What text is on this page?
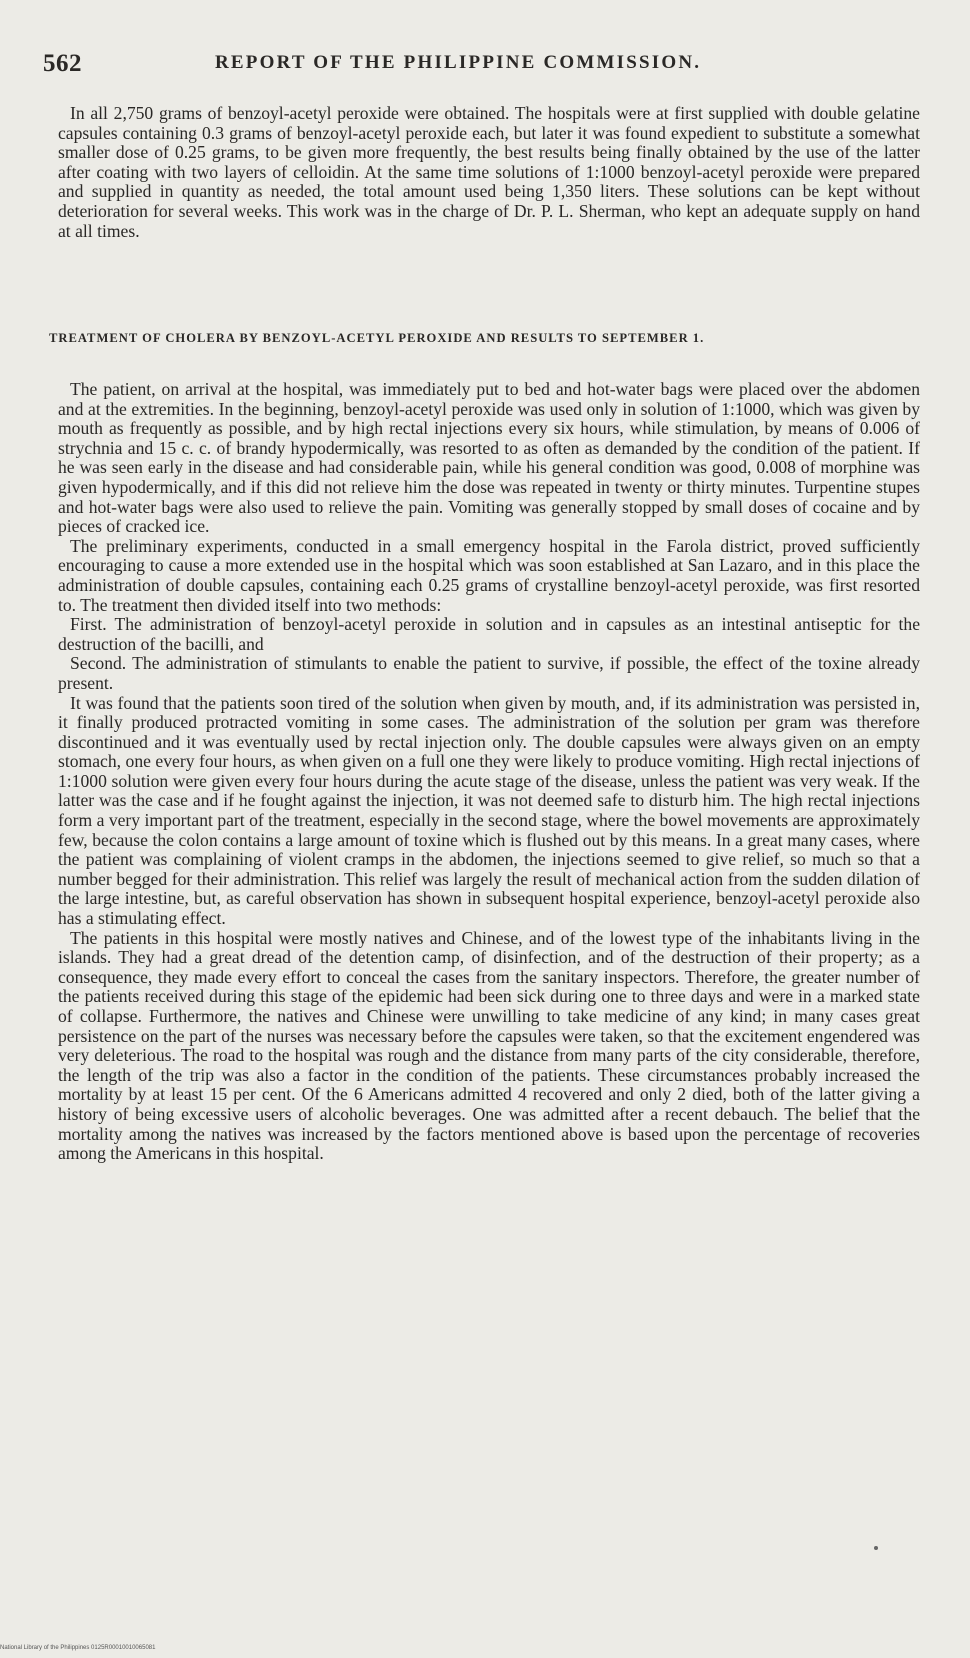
562	REPORT OF THE PHILIPPINE COMMISSION.

In all 2,750 grams of benzoyl-acetyl peroxide were obtained. The hospitals were at first supplied with double gelatine capsules containing 0.3 grams of benzoyl-acetyl peroxide each, but later it was found expedient to substitute a somewhat smaller dose of 0.25 grams, to be given more frequently, the best results being finally obtained by the use of the latter after coating with two layers of celloidin. At the same time solutions of 1:1000 benzoyl-acetyl peroxide were prepared and supplied in quantity as needed, the total amount used being 1,350 liters. These solutions can be kept without deterioration for several weeks. This work was in the charge of Dr. P. L. Sherman, who kept an adequate supply on hand at all times.

TREATMENT OF CHOLERA BY BENZOYL-ACETYL PEROXIDE AND RESULTS TO SEPTEMBER 1.

The patient, on arrival at the hospital, was immediately put to bed and hot-water bags were placed over the abdomen and at the extremities. In the beginning, benzoyl-acetyl peroxide was used only in solution of 1:1000, which was given by mouth as frequently as possible, and by high rectal injections every six hours, while stimulation, by means of 0.006 of strychnia and 15 c. c. of brandy hypodermically, was resorted to as often as demanded by the condition of the patient. If he was seen early in the disease and had considerable pain, while his general condition was good, 0.008 of morphine was given hypodermically, and if this did not relieve him the dose was repeated in twenty or thirty minutes. Turpentine stupes and hot-water bags were also used to relieve the pain. Vomiting was generally stopped by small doses of cocaine and by pieces of cracked ice.

The preliminary experiments, conducted in a small emergency hospital in the Farola district, proved sufficiently encouraging to cause a more extended use in the hospital which was soon established at San Lazaro, and in this place the administration of double capsules, containing each 0.25 grams of crystalline benzoyl-acetyl peroxide, was first resorted to. The treatment then divided itself into two methods:

First. The administration of benzoyl-acetyl peroxide in solution and in capsules as an intestinal antiseptic for the destruction of the bacilli, and

Second. The administration of stimulants to enable the patient to survive, if possible, the effect of the toxine already present.

It was found that the patients soon tired of the solution when given by mouth, and, if its administration was persisted in, it finally produced protracted vomiting in some cases. The administration of the solution per gram was therefore discontinued and it was eventually used by rectal injection only. The double capsules were always given on an empty stomach, one every four hours, as when given on a full one they were likely to produce vomiting. High rectal injections of 1:1000 solution were given every four hours during the acute stage of the disease, unless the patient was very weak. If the latter was the case and if he fought against the injection, it was not deemed safe to disturb him. The high rectal injections form a very important part of the treatment, especially in the second stage, where the bowel movements are approximately few, because the colon contains a large amount of toxine which is flushed out by this means. In a great many cases, where the patient was complaining of violent cramps in the abdomen, the injections seemed to give relief, so much so that a number begged for their administration. This relief was largely the result of mechanical action from the sudden dilation of the large intestine, but, as careful observation has shown in subsequent hospital experience, benzoyl-acetyl peroxide also has a stimulating effect.

The patients in this hospital were mostly natives and Chinese, and of the lowest type of the inhabitants living in the islands. They had a great dread of the detention camp, of disinfection, and of the destruction of their property; as a consequence, they made every effort to conceal the cases from the sanitary inspectors. Therefore, the greater number of the patients received during this stage of the epidemic had been sick during one to three days and were in a marked state of collapse. Furthermore, the natives and Chinese were unwilling to take medicine of any kind; in many cases great persistence on the part of the nurses was necessary before the capsules were taken, so that the excitement engendered was very deleterious. The road to the hospital was rough and the distance from many parts of the city considerable, therefore, the length of the trip was also a factor in the condition of the patients. These circumstances probably increased the mortality by at least 15 per cent. Of the 6 Americans admitted 4 recovered and only 2 died, both of the latter giving a history of being excessive users of alcoholic beverages. One was admitted after a recent debauch. The belief that the mortality among the natives was increased by the factors mentioned above is based upon the percentage of recoveries among the Americans in this hospital.

National Library of the Philippines 0125R00010010065081
